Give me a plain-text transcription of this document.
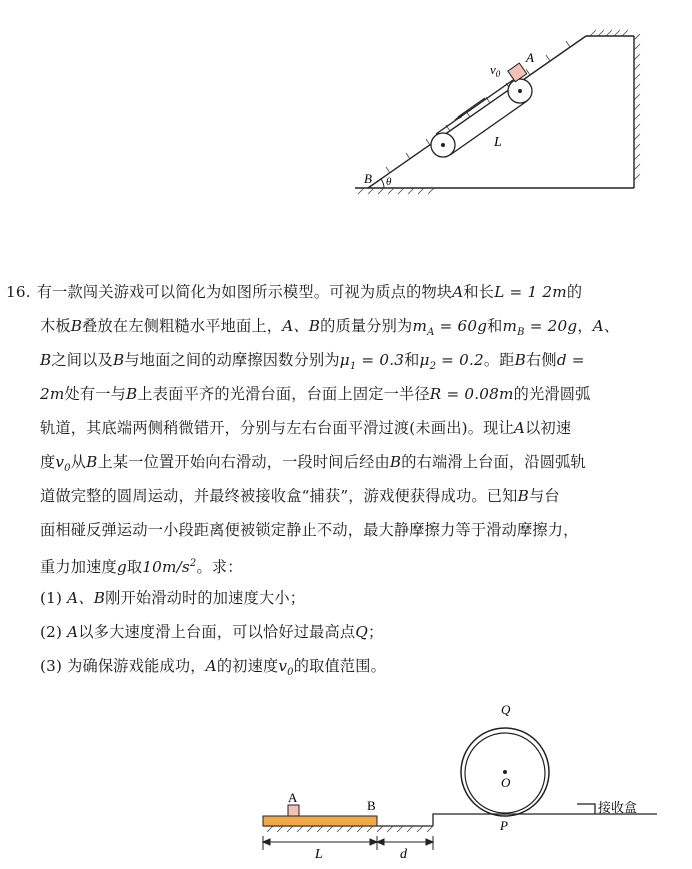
A
$v_0$
L
B θ
16. 有一款闯关游戏可以简化为如图所示模型。可视为质点的物块A和长L = 1 2m的
木板B叠放在左侧粗糙水平地面上，A、B的质量分别为$m_A = 60g$和$m_B = 20g$，A、
B之间以及B与地面之间的动摩擦因数分别为$\mu_1 = 0.3$和$\mu_2 = 0.2$。距B右侧d =
2m处有一与B上表面平齐的光滑台面，台面上固定一半径R = 0.08m的光滑圆弧
轨道，其底端两侧稍微错开，分别与左右台面平滑过渡(未画出)。现让A以初速
度$v_0$从B上某一位置开始向右滑动，一段时间后经由B的右端滑上台面，沿圆弧轨
道做完整的圆周运动，并最终被接收盒“捕获”，游戏便获得成功。已知B与台
面相碰反弹运动一小段距离便被锁定静止不动，最大静摩擦力等于滑动摩擦力，
重力加速度g取$10m/s^2$。求：
(1) A、B刚开始滑动时的加速度大小；
(2) A以多大速度滑上台面，可以恰好过最高点Q；
(3) 为确保游戏能成功，A的初速度$v_0$的取值范围。
A
B
Q
O
P
接收盒
L	d
